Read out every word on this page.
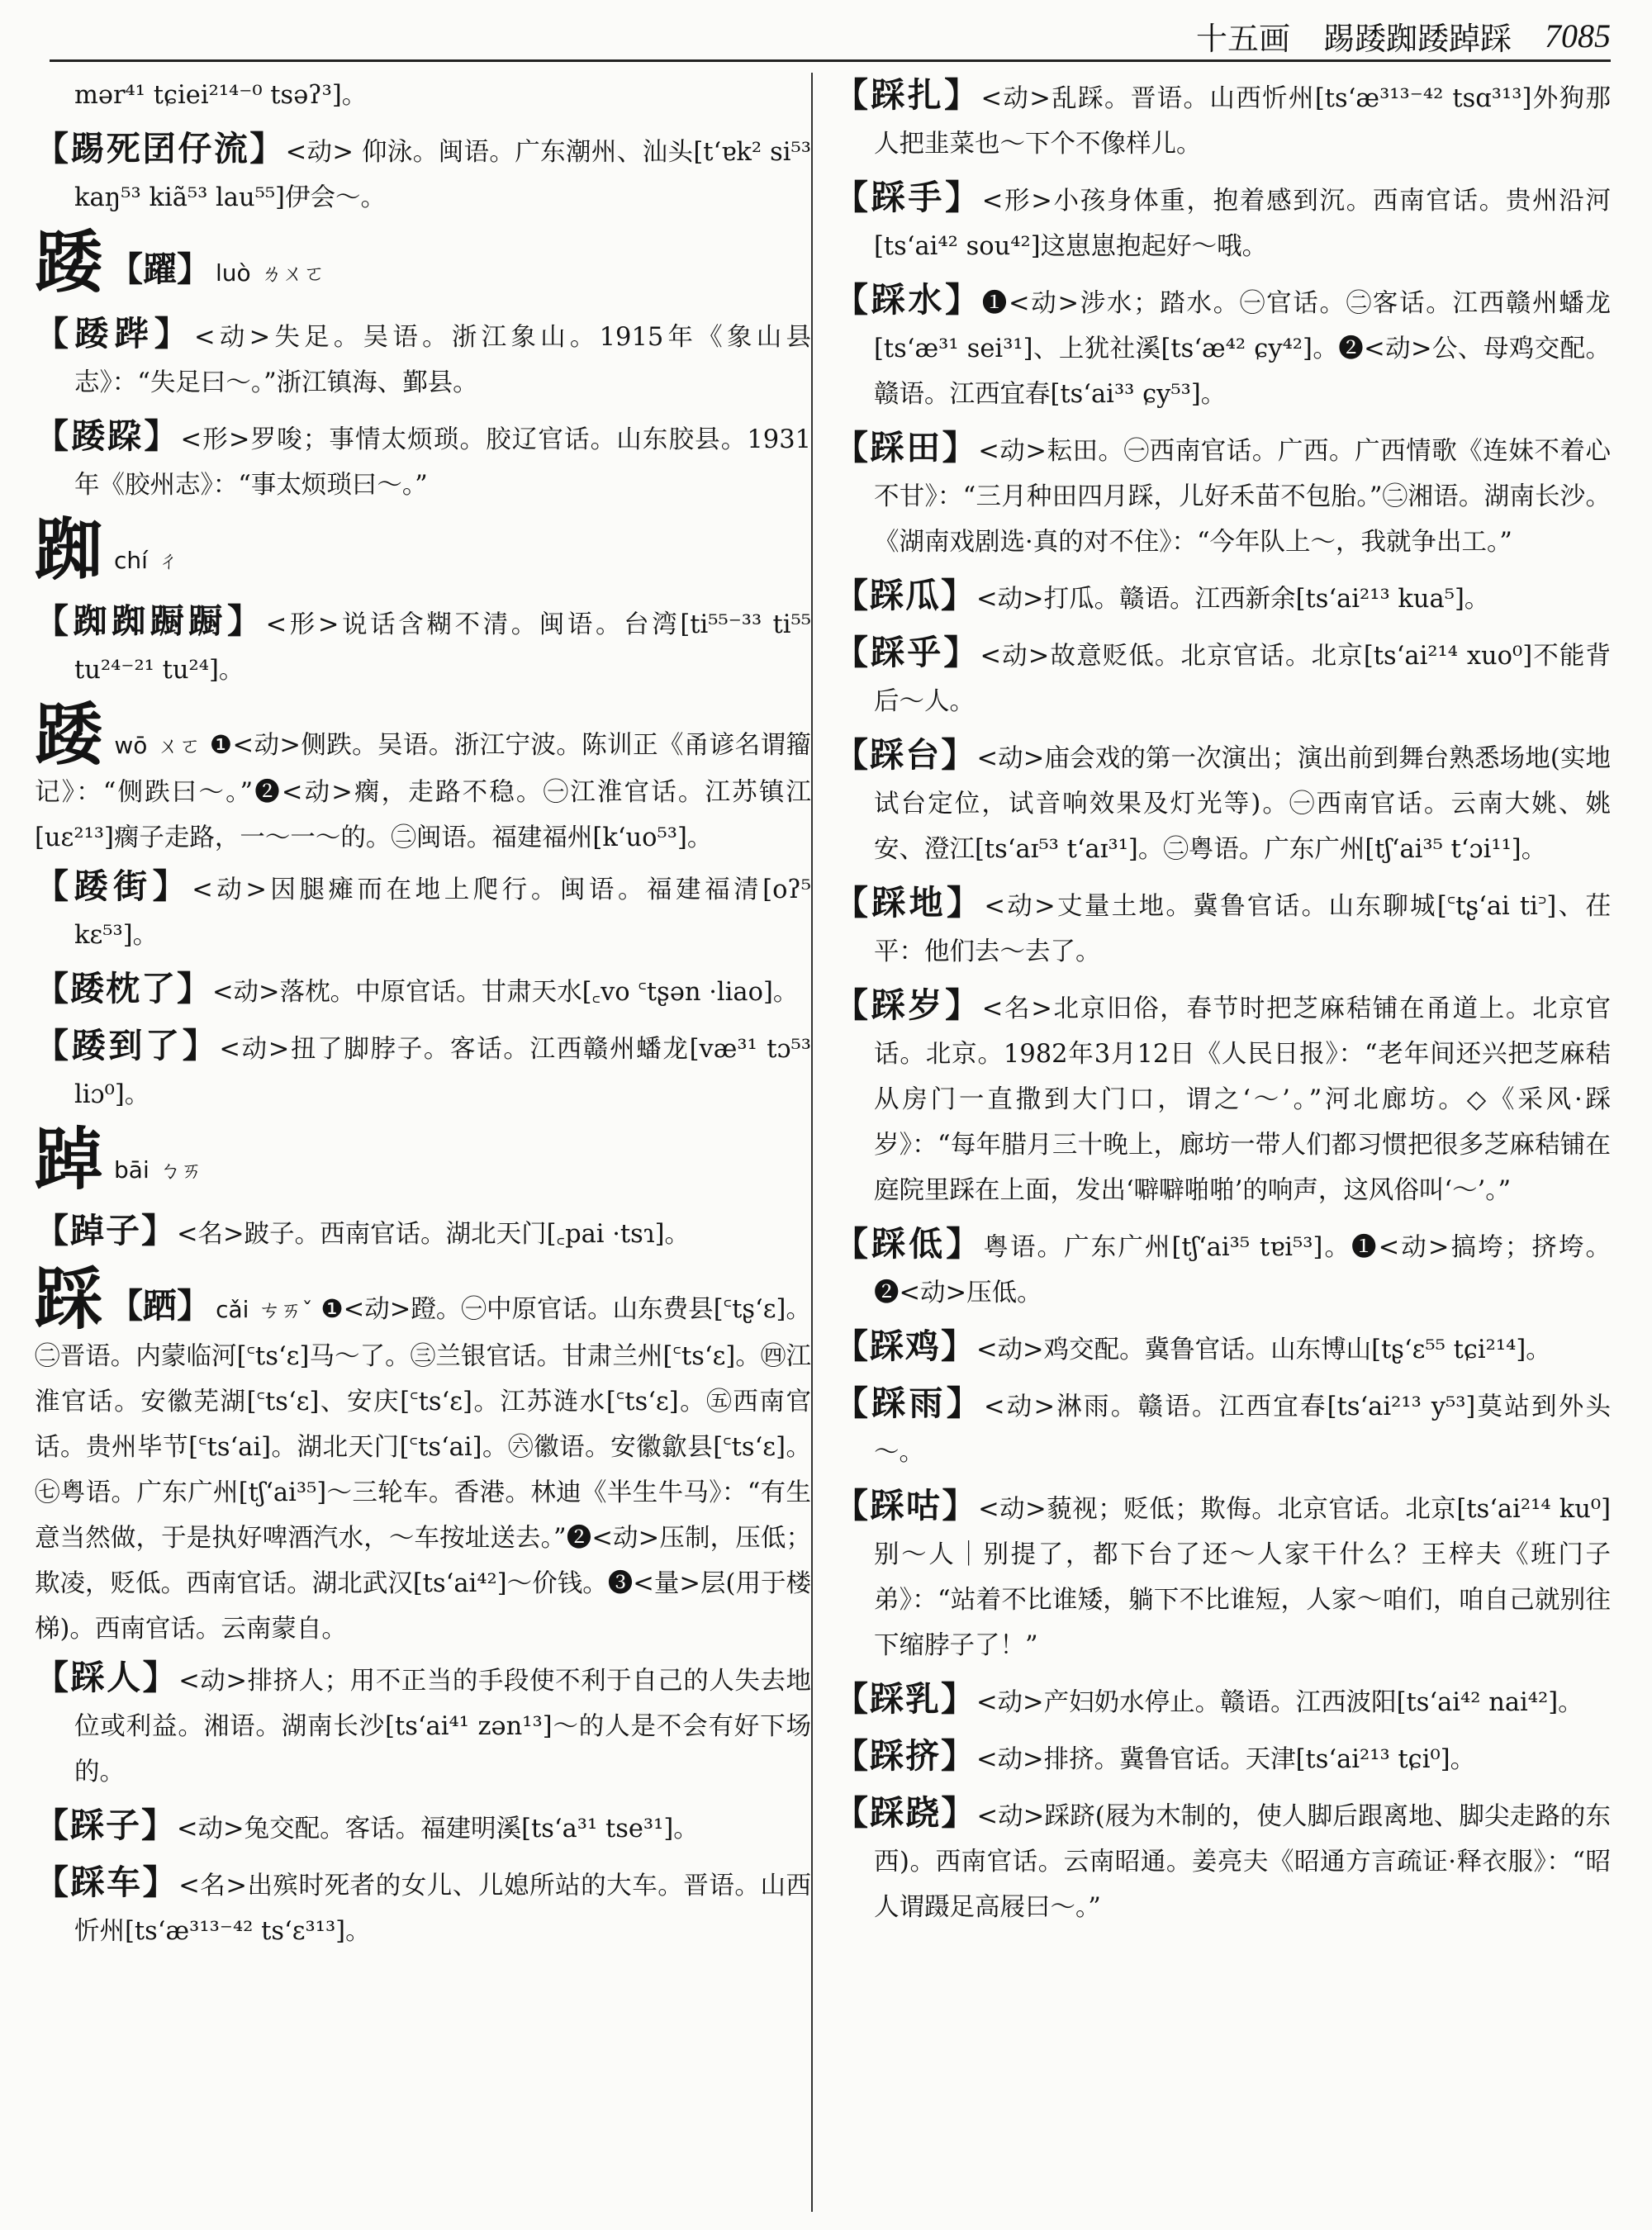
十五画 踢踒踟踒踔踩 7085
mər⁴¹ tɕiei²¹⁴⁻⁰ tsəʔ³]。
【踢死囝仔流】<动> 仰泳。闽语。广东潮州、汕头[tʻɐk² si⁵³ kaŋ⁵³ kiã⁵³ lau⁵⁵]伊会～。
踒 【躍】 luò ㄌㄨㄛ
【踒跸】<动>失足。吴语。浙江象山。1915年《象山县志》：“失足曰～。”浙江镇海、鄞县。
【踒跥】<形>罗唆；事情太烦琐。胶辽官话。山东胶县。1931年《胶州志》：“事太烦琐曰～。”
踟chí ㄔ
【踟踟蹰蹰】<形>说话含糊不清。闽语。台湾[ti⁵⁵⁻³³ ti⁵⁵ tu²⁴⁻²¹ tu²⁴]。
踒wō ㄨㄛ ❶<动>侧跌。吴语。浙江宁波。陈训正《甬谚名谓籀记》：“侧跌曰～。”❷<动>瘸，走路不稳。㊀江淮官话。江苏镇江[uɛ²¹³]瘸子走路，一～一～的。㊁闽语。福建福州[kʻuo⁵³]。
【踒街】<动>因腿瘫而在地上爬行。闽语。福建福清[oʔ⁵ kɛ⁵³]。
【踒枕了】<动>落枕。中原官话。甘肃天水[꜀vo ꜂tʂən ·liao]。
【踒到了】<动>扭了脚脖子。客话。江西赣州蟠龙[væ³¹ tɔ⁵³ liɔ⁰]。
踔bāi ㄅㄞ
【踔子】<名>跛子。西南官话。湖北天门[꜀pai ·tsɿ]。
踩 【跴】 cǎi ㄘㄞˇ ❶<动>蹬。㊀中原官话。山东费县[꜂tʂʻɛ]。㊁晋语。内蒙临河[꜂tsʻɛ]马～了。㊂兰银官话。甘肃兰州[꜂tsʻɛ]。㊃江淮官话。安徽芜湖[꜂tsʻɛ]、安庆[꜂tsʻɛ]。江苏涟水[꜂tsʻɛ]。㊄西南官话。贵州毕节[꜂tsʻai]。湖北天门[꜂tsʻai]。㊅徽语。安徽歙县[꜂tsʻɛ]。㊆粤语。广东广州[tʃʻai³⁵]～三轮车。香港。林迪《半生牛马》：“有生意当然做，于是执好啤酒汽水，～车按址送去。”❷<动>压制，压低；欺凌，贬低。西南官话。湖北武汉[tsʻai⁴²]～价钱。❸<量>层(用于楼梯)。西南官话。云南蒙自。
【踩人】<动>排挤人；用不正当的手段使不利于自己的人失去地位或利益。湘语。湖南长沙[tsʻai⁴¹ zən¹³]～的人是不会有好下场的。
【踩子】<动>兔交配。客话。福建明溪[tsʻa³¹ tse³¹]。
【踩车】<名>出殡时死者的女儿、儿媳所站的大车。晋语。山西忻州[tsʻæ³¹³⁻⁴² tsʻɛ³¹³]。
【踩扎】<动>乱踩。晋语。山西忻州[tsʻæ³¹³⁻⁴² tsɑ³¹³]外狗那人把韭菜也～下个不像样儿。
【踩手】<形>小孩身体重，抱着感到沉。西南官话。贵州沿河[tsʻai⁴² sou⁴²]这崽崽抱起好～哦。
【踩水】❶<动>涉水；踏水。㊀官话。㊁客话。江西赣州蟠龙[tsʻæ³¹ sei³¹]、上犹社溪[tsʻæ⁴² ɕy⁴²]。❷<动>公、母鸡交配。赣语。江西宜春[tsʻai³³ ɕy⁵³]。
【踩田】<动>耘田。㊀西南官话。广西。广西情歌《连妹不着心不甘》：“三月种田四月踩，儿好禾苗不包胎。”㊁湘语。湖南长沙。《湖南戏剧选·真的对不住》：“今年队上～，我就争出工。”
【踩瓜】<动>打瓜。赣语。江西新余[tsʻai²¹³ kua⁵]。
【踩乎】<动>故意贬低。北京官话。北京[tsʻai²¹⁴ xuo⁰]不能背后～人。
【踩台】<动>庙会戏的第一次演出；演出前到舞台熟悉场地(实地试台定位，试音响效果及灯光等)。㊀西南官话。云南大姚、姚安、澄江[tsʻaɪ⁵³ tʻaɪ³¹]。㊁粤语。广东广州[tʃʻai³⁵ tʻɔi¹¹]。
【踩地】<动>丈量土地。冀鲁官话。山东聊城[꜂tʂʻai ti꜄]、茌平：他们去～去了。
【踩岁】<名>北京旧俗，春节时把芝麻秸铺在甬道上。北京官话。北京。1982年3月12日《人民日报》：“老年间还兴把芝麻秸从房门一直撒到大门口，谓之‘～’。”河北廊坊。◇《采风·踩岁》：“每年腊月三十晚上，廊坊一带人们都习惯把很多芝麻秸铺在庭院里踩在上面，发出‘噼噼啪啪’的响声，这风俗叫‘～’。”
【踩低】粤语。广东广州[tʃʻai³⁵ tɐi⁵³]。❶<动>搞垮；挤垮。❷<动>压低。
【踩鸡】<动>鸡交配。冀鲁官话。山东博山[tʂʻɛ⁵⁵ tɕi²¹⁴]。
【踩雨】<动>淋雨。赣语。江西宜春[tsʻai²¹³ y⁵³]莫站到外头～。
【踩咕】<动>藐视；贬低；欺侮。北京官话。北京[tsʻai²¹⁴ ku⁰]别～人｜别提了，都下台了还～人家干什么？王梓夫《班门子弟》：“站着不比谁矮，躺下不比谁短，人家～咱们，咱自己就别往下缩脖子了！”
【踩乳】<动>产妇奶水停止。赣语。江西波阳[tsʻai⁴² nai⁴²]。
【踩挤】<动>排挤。冀鲁官话。天津[tsʻai²¹³ tɕi⁰]。
【踩跷】<动>踩跻(屐为木制的，使人脚后跟离地、脚尖走路的东西)。西南官话。云南昭通。姜亮夫《昭通方言疏证·释衣服》：“昭人谓蹑足高屐曰～。”
